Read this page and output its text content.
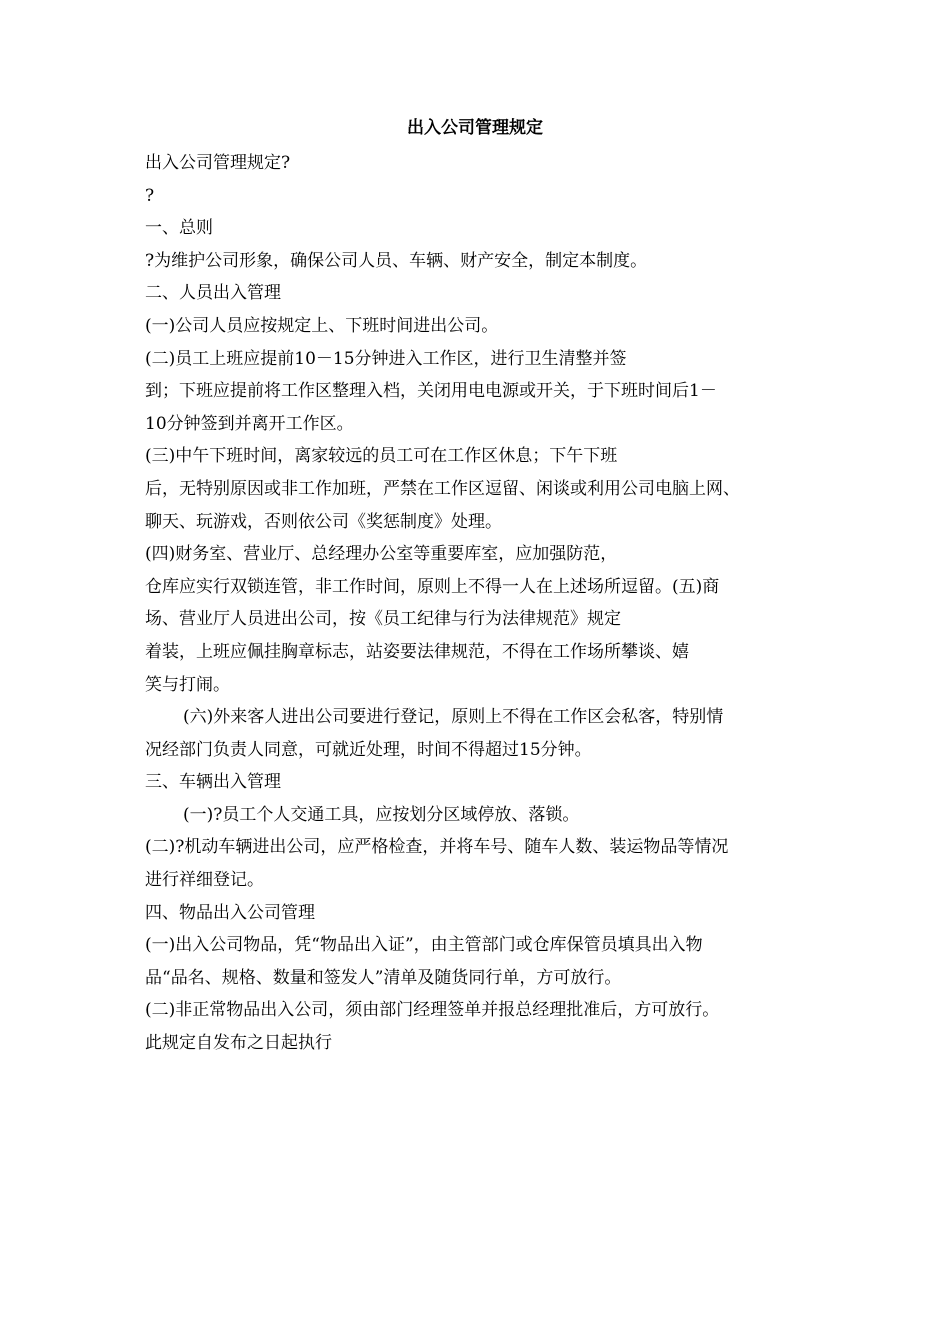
出入公司管理规定
出入公司管理规定?
?
一、总则
?为维护公司形象，确保公司人员、车辆、财产安全，制定本制度。
二、人员出入管理
(一)公司人员应按规定上、下班时间进出公司。
(二)员工上班应提前10－15分钟进入工作区，进行卫生清整并签
到；下班应提前将工作区整理入档，关闭用电电源或开关，于下班时间后1－
10分钟签到并离开工作区。
(三)中午下班时间，离家较远的员工可在工作区休息；下午下班
后，无特别原因或非工作加班，严禁在工作区逗留、闲谈或利用公司电脑上网、
聊天、玩游戏，否则依公司《奖惩制度》处理。
(四)财务室、营业厅、总经理办公室等重要库室，应加强防范，
仓库应实行双锁连管，非工作时间，原则上不得一人在上述场所逗留。(五)商
场、营业厅人员进出公司，按《员工纪律与行为法律规范》规定
着装，上班应佩挂胸章标志，站姿要法律规范，不得在工作场所攀谈、嬉
笑与打闹。
(六)外来客人进出公司要进行登记，原则上不得在工作区会私客，特别情
况经部门负责人同意，可就近处理，时间不得超过15分钟。
三、车辆出入管理
(一)?员工个人交通工具，应按划分区域停放、落锁。
(二)?机动车辆进出公司，应严格检查，并将车号、随车人数、装运物品等情况
进行祥细登记。
四、物品出入公司管理
(一)出入公司物品，凭“物品出入证”，由主管部门或仓库保管员填具出入物
品“品名、规格、数量和签发人”清单及随货同行单，方可放行。
(二)非正常物品出入公司，须由部门经理签单并报总经理批准后，方可放行。
此规定自发布之日起执行
